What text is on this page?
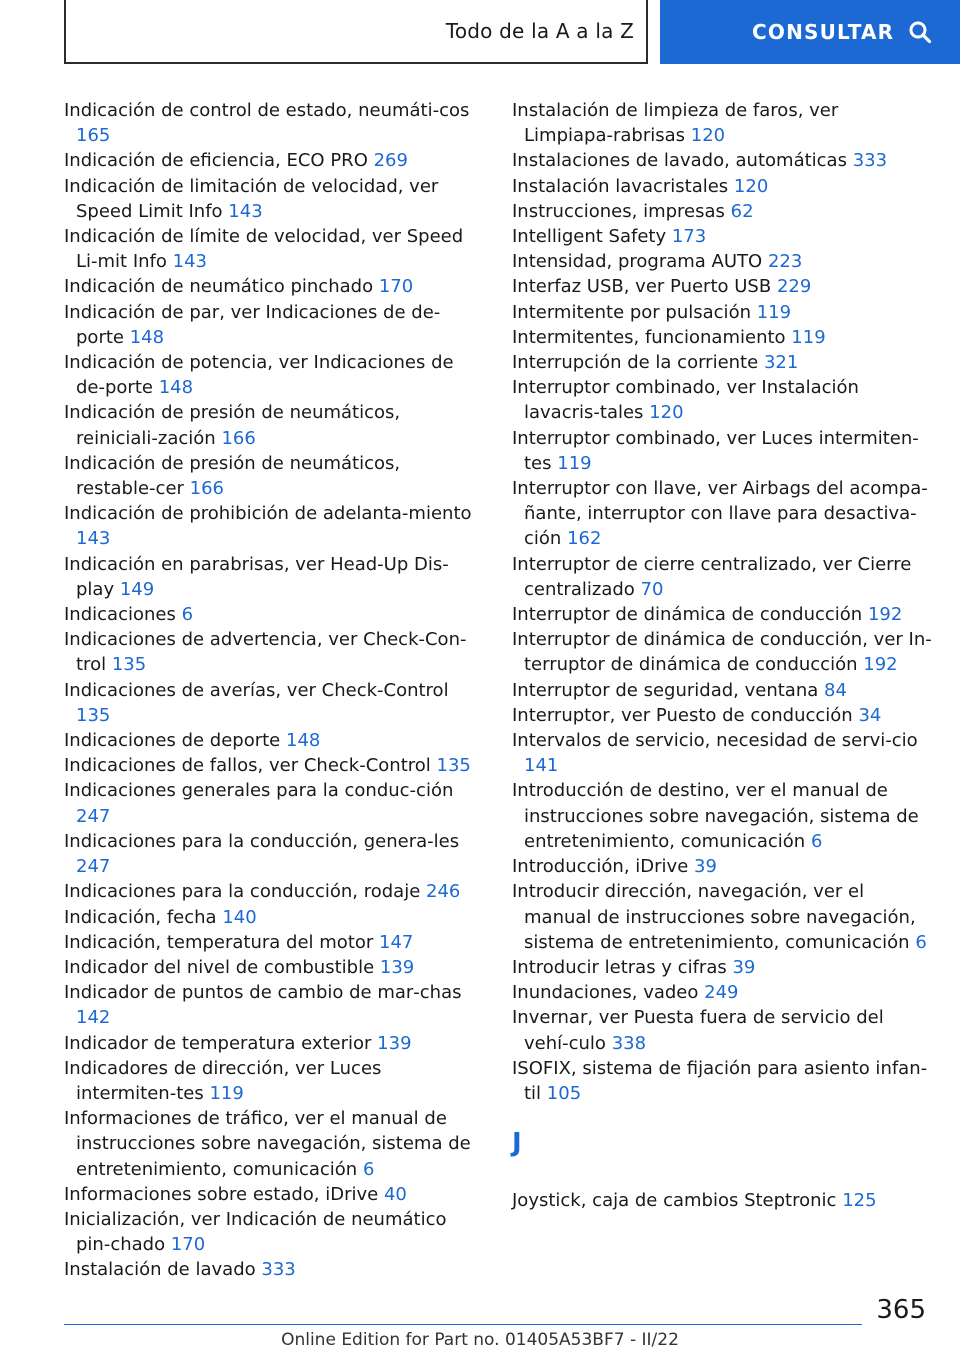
Todo de la A a la Z	CONSULTAR

Indicación de control de estado, neumáti‐cos 165

Indicación de eficiencia, ECO PRO 269

Indicación de limitación de velocidad, ver Speed Limit Info 143

Indicación de límite de velocidad, ver Speed Li‐mit Info 143

Indicación de neumático pinchado 170

Indicación de par, ver Indicaciones de de‐porte 148

Indicación de potencia, ver Indicaciones de de‐porte 148

Indicación de presión de neumáticos, reiniciali‐zación 166

Indicación de presión de neumáticos, restable‐cer 166

Indicación de prohibición de adelanta‐miento 143

Indicación en parabrisas, ver Head-Up Dis‐play 149

Indicaciones 6

Indicaciones de advertencia, ver Check-Con‐trol 135

Indicaciones de averías, ver Check-Control 135

Indicaciones de deporte 148

Indicaciones de fallos, ver Check-Control 135

Indicaciones generales para la conduc‐ción 247

Indicaciones para la conducción, genera‐les 247

Indicaciones para la conducción, rodaje 246

Indicación, fecha 140

Indicación, temperatura del motor 147

Indicador del nivel de combustible 139

Indicador de puntos de cambio de mar‐chas 142

Indicador de temperatura exterior 139

Indicadores de dirección, ver Luces intermiten‐tes 119

Informaciones de tráfico, ver el manual de instrucciones sobre navegación, sistema de entretenimiento, comunicación 6

Informaciones sobre estado, iDrive 40

Inicialización, ver Indicación de neumático pin‐chado 170

Instalación de lavado 333

Instalación de limpieza de faros, ver Limpiapa‐rabrisas 120

Instalaciones de lavado, automáticas 333

Instalación lavacristales 120

Instrucciones, impresas 62

Intelligent Safety 173

Intensidad, programa AUTO 223

Interfaz USB, ver Puerto USB 229

Intermitente por pulsación 119

Intermitentes, funcionamiento 119

Interrupción de la corriente 321

Interruptor combinado, ver Instalación lavacris‐tales 120

Interruptor combinado, ver Luces intermiten‐tes 119

Interruptor con llave, ver Airbags del acompa‐ñante, interruptor con llave para desactiva‐ción 162

Interruptor de cierre centralizado, ver Cierre centralizado 70

Interruptor de dinámica de conducción 192

Interruptor de dinámica de conducción, ver In‐terruptor de dinámica de conducción 192

Interruptor de seguridad, ventana 84

Interruptor, ver Puesto de conducción 34

Intervalos de servicio, necesidad de servi‐cio 141

Introducción de destino, ver el manual de instrucciones sobre navegación, sistema de entretenimiento, comunicación 6

Introducción, iDrive 39

Introducir dirección, navegación, ver el manual de instrucciones sobre navegación, sistema de entretenimiento, comunicación 6

Introducir letras y cifras 39

Inundaciones, vadeo 249

Invernar, ver Puesta fuera de servicio del vehí‐culo 338

ISOFIX, sistema de fijación para asiento infan‐til 105

J

Joystick, caja de cambios Steptronic 125

365
Online Edition for Part no. 01405A53BF7 - II/22
